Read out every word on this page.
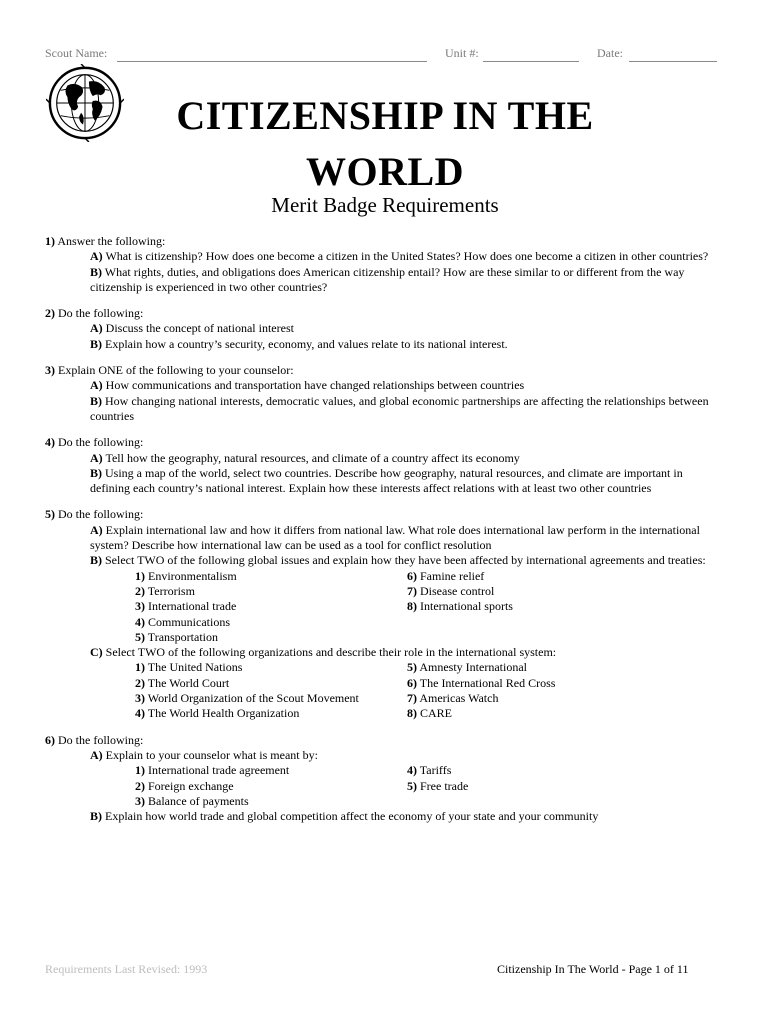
Scout Name:	Unit #:	Date:
CITIZENSHIP IN THE
WORLD
Merit Badge Requirements
1) Answer the following:
A) What is citizenship? How does one become a citizen in the United States? How does one become a citizen in other countries?
B) What rights, duties, and obligations does American citizenship entail? How are these similar to or different from the way citizenship is experienced in two other countries?
2) Do the following:
A) Discuss the concept of national interest
B) Explain how a country’s security, economy, and values relate to its national interest.
3) Explain ONE of the following to your counselor:
A) How communications and transportation have changed relationships between countries
B) How changing national interests, democratic values, and global economic partnerships are affecting the relationships between countries
4) Do the following:
A) Tell how the geography, natural resources, and climate of a country affect its economy
B) Using a map of the world, select two countries. Describe how geography, natural resources, and climate are important in defining each country’s national interest. Explain how these interests affect relations with at least two other countries
5) Do the following:
A) Explain international law and how it differs from national law. What role does international law perform in the international system? Describe how international law can be used as a tool for conflict resolution
B) Select TWO of the following global issues and explain how they have been affected by international agreements and treaties:
1) Environmentalism	6) Famine relief
2) Terrorism	7) Disease control
3) International trade	8) International sports
4) Communications
5) Transportation
C) Select TWO of the following organizations and describe their role in the international system:
1) The United Nations	5) Amnesty International
2) The World Court	6) The International Red Cross
3) World Organization of the Scout Movement	7) Americas Watch
4) The World Health Organization	8) CARE
6) Do the following:
A) Explain to your counselor what is meant by:
1) International trade agreement	4) Tariffs
2) Foreign exchange	5) Free trade
3) Balance of payments
B) Explain how world trade and global competition affect the economy of your state and your community
Requirements Last Revised: 1993	Citizenship In The World - Page 1 of 11
